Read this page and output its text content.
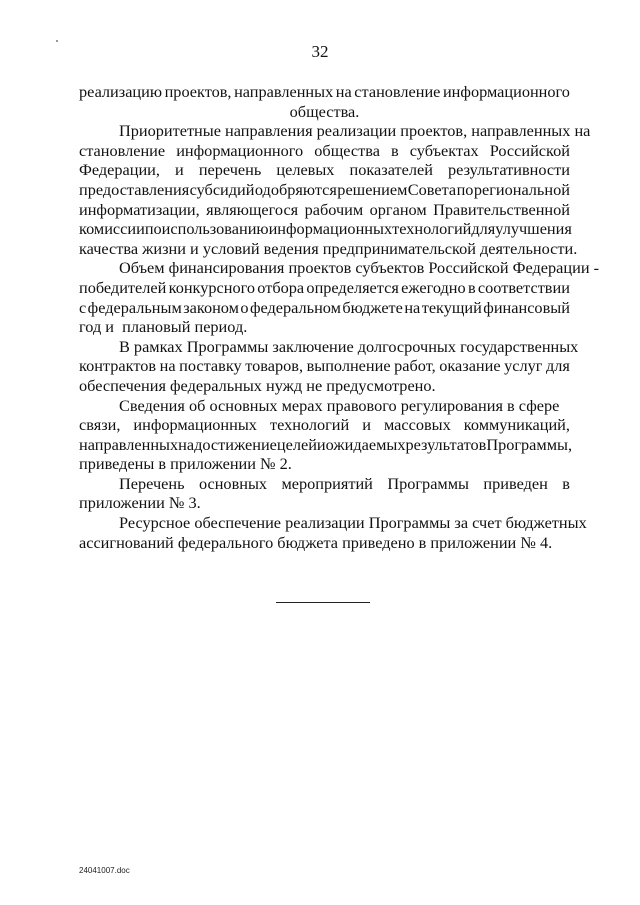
32

реализацию проектов, направленных на становление информационного
общества.

Приоритетные направления реализации проектов, направленных на
становление информационного общества в субъектах Российской
Федерации, и перечень целевых показателей результативности
предоставления субсидий одобряются решением Совета по региональной
информатизации, являющегося рабочим органом Правительственной
комиссии по использованию информационных технологий для улучшения
качества жизни и условий ведения предпринимательской деятельности.

Объем финансирования проектов субъектов Российской Федерации -
победителей конкурсного отбора определяется ежегодно в соответствии
с федеральным законом о федеральном бюджете на текущий финансовый
год и  плановый период.

В рамках Программы заключение долгосрочных государственных
контрактов на поставку товаров, выполнение работ, оказание услуг для
обеспечения федеральных нужд не предусмотрено.

Сведения об основных мерах правового регулирования в сфере
связи, информационных технологий и массовых коммуникаций,
направленных на достижение целей и ожидаемых результатов Программы,
приведены в приложении № 2.

Перечень основных мероприятий Программы приведен в
приложении № 3.

Ресурсное обеспечение реализации Программы за счет бюджетных
ассигнований федерального бюджета приведено в приложении № 4.

24041007.doc
